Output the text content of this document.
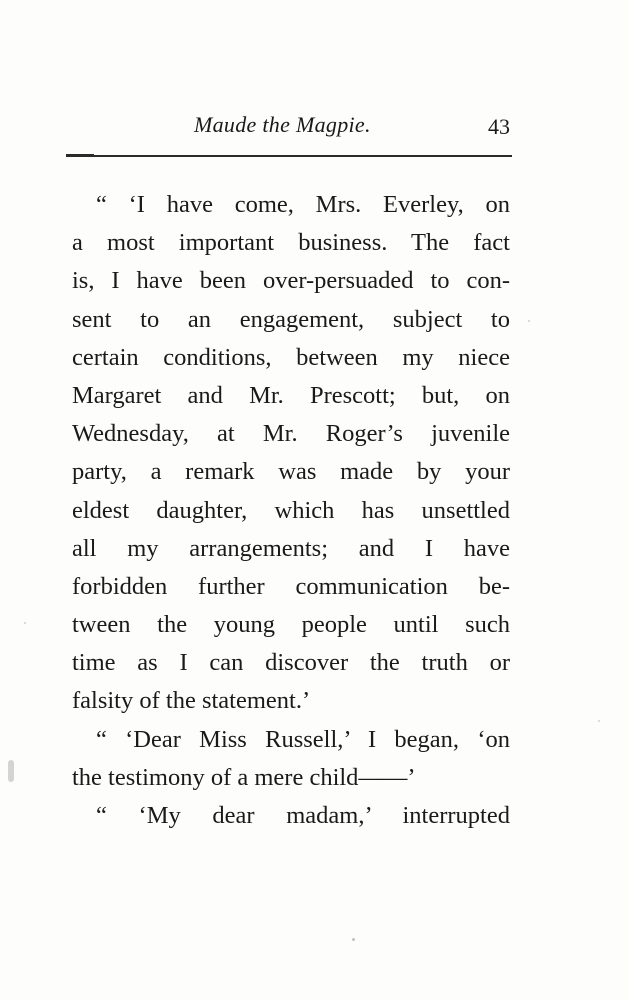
Maude the Magpie.	43
“ ‘I have come, Mrs. Everley, on
a most important business. The fact
is, I have been over-persuaded to con-
sent to an engagement, subject to
certain conditions, between my niece
Margaret and Mr. Prescott; but, on
Wednesday, at Mr. Roger’s juvenile
party, a remark was made by your
eldest daughter, which has unsettled
all my arrangements; and I have
forbidden further communication be-
tween the young people until such
time as I can discover the truth or
falsity of the statement.’
“ ‘Dear Miss Russell,’ I began, ‘on
the testimony of a mere child——’
“ ‘My dear madam,’ interrupted
